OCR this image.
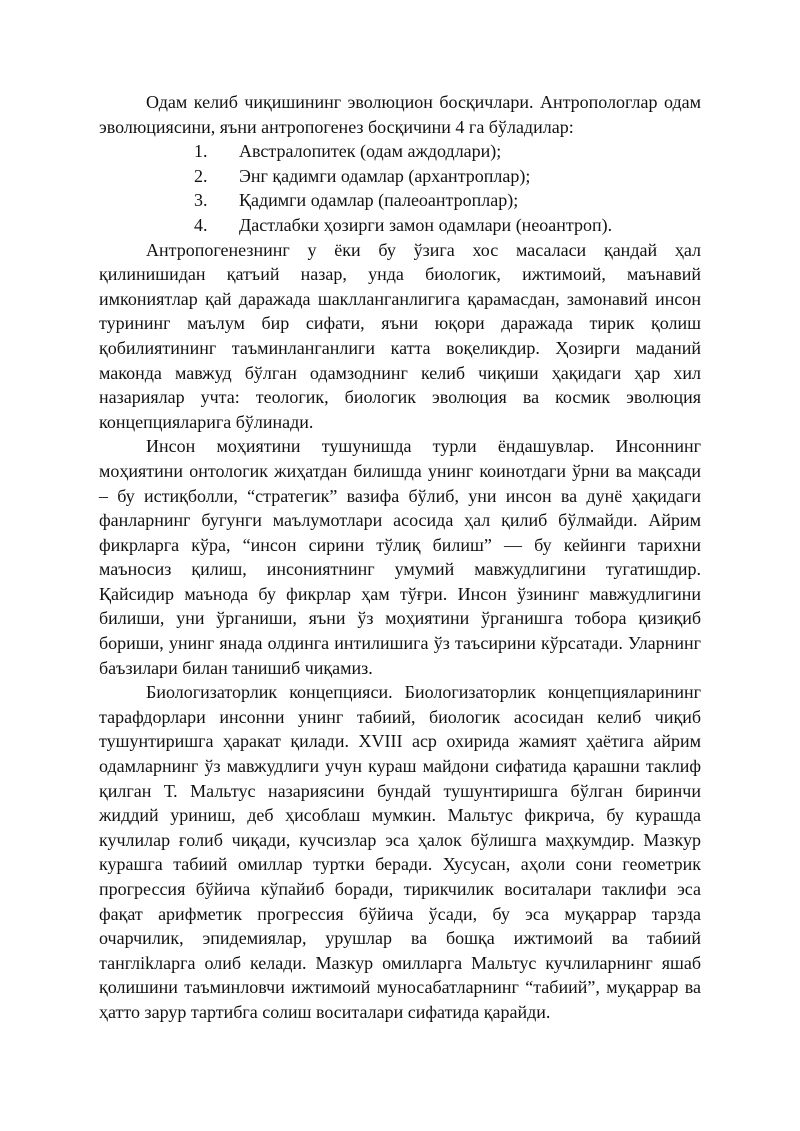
Одам келиб чиқишининг эволюцион босқичлари. Антропологлар одам эволюциясини, яъни антропогенез босқичини 4 га бўладилар:

1.	Австралопитек (одам аждодлари);
2.	Энг қадимги одамлар (архантроплар);
3.	Қадимги одамлар (палеоантроплар);
4.	Дастлабки ҳозирги замон одамлари (неоантроп).

Антропогенезнинг у ёки бу ўзига хос масаласи қандай ҳал қилинишидан қатъий назар, унда биологик, ижтимоий, маънавий имкониятлар қай даражада шаклланганлигига қарамасдан, замонавий инсон турининг маълум бир сифати, яъни юқори даражада тирик қолиш қобилиятининг таъминланганлиги катта воқеликдир. Ҳозирги маданий маконда мавжуд бўлган одамзоднинг келиб чиқиши ҳақидаги ҳар хил назариялар учта: теологик, биологик эволюция ва космик эволюция концепцияларига бўлинади.

Инсон моҳиятини тушунишда турли ёндашувлар. Инсоннинг моҳиятини онтологик жиҳатдан билишда унинг коинотдаги ўрни ва мақсади – бу истиқболли, “стратегик” вазифа бўлиб, уни инсон ва дунё ҳақидаги фанларнинг бугунги маълумотлари асосида ҳал қилиб бўлмайди. Айрим фикрларга кўра, “инсон сирини тўлиқ билиш” — бу кейинги тарихни маъносиз қилиш, инсониятнинг умумий мавжудлигини тугатишдир. Қайсидир маънода бу фикрлар ҳам тўғри. Инсон ўзининг мавжудлигини билиши, уни ўрганиши, яъни ўз моҳиятини ўрганишга тобора қизиқиб бориши, унинг янада олдинга интилишига ўз таъсирини кўрсатади. Уларнинг баъзилари билан танишиб чиқамиз.

Биологизаторлик концепцияси. Биологизаторлик концепцияларининг тарафдорлари инсонни унинг табиий, биологик асосидан келиб чиқиб тушунтиришга ҳаракат қилади. XVIII аср охирида жамият ҳаётига айрим одамларнинг ўз мавжудлиги учун кураш майдони сифатида қарашни таклиф қилган Т. Мальтус назариясини бундай тушунтиришга бўлган биринчи жиддий уриниш, деб ҳисоблаш мумкин. Мальтус фикрича, бу курашда кучлилар ғолиб чиқади, кучсизлар эса ҳалок бўлишга маҳкумдир. Мазкур курашга табиий омиллар туртки беради. Хусусан, аҳоли сони геометрик прогрессия бўйича кўпайиб боради, тирикчилик воситалари таклифи эса фақат арифметик прогрессия бўйича ўсади, бу эса муқаррар тарзда очарчилик, эпидемиялар, урушлар ва бошқа ижтимоий ва табиий танглikларга олиб келади. Мазкур омилларга Мальтус кучлиларнинг яшаб қолишини таъминловчи ижтимоий муносабатларнинг “табиий”, муқаррар ва ҳатто зарур тартибга солиш воситалари сифатида қарайди.
